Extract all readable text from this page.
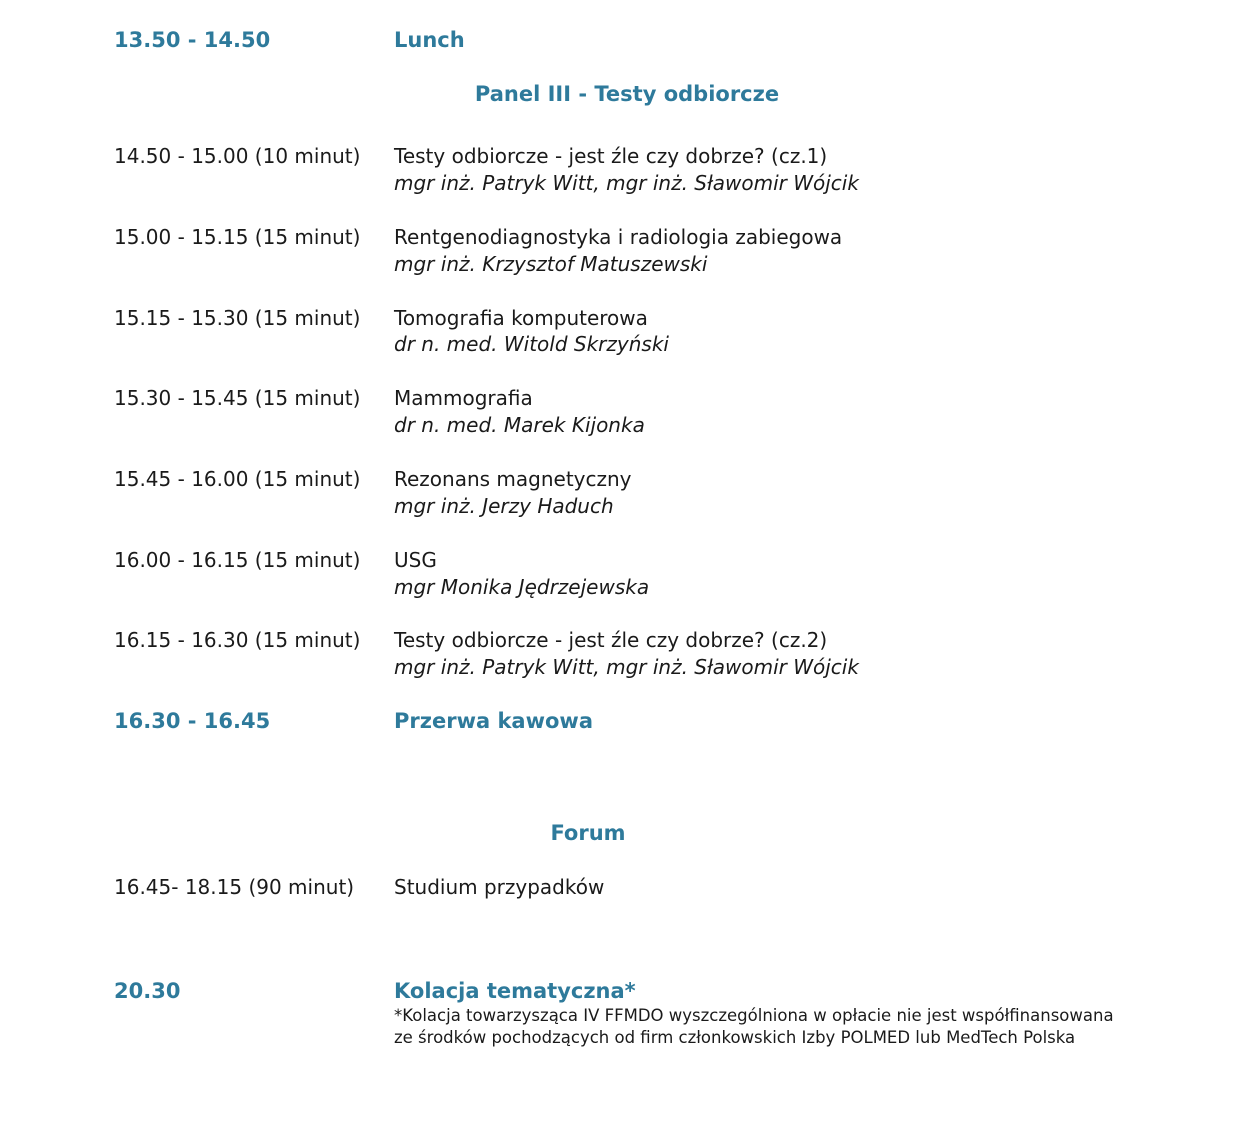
13.50 - 14.50	Lunch
Panel III - Testy odbiorcze
14.50 - 15.00 (10 minut) Testy odbiorcze - jest źle czy dobrze? (cz.1)
mgr inż. Patryk Witt, mgr inż. Sławomir Wójcik
15.00 - 15.15 (15 minut) Rentgenodiagnostyka i radiologia zabiegowa
mgr inż. Krzysztof Matuszewski
15.15 - 15.30 (15 minut) Tomografia komputerowa
dr n. med. Witold Skrzyński
15.30 - 15.45 (15 minut) Mammografia
dr n. med. Marek Kijonka
15.45 - 16.00 (15 minut) Rezonans magnetyczny
mgr inż. Jerzy Haduch
16.00 - 16.15 (15 minut) USG
mgr Monika Jędrzejewska
16.15 - 16.30 (15 minut) Testy odbiorcze - jest źle czy dobrze? (cz.2)
mgr inż. Patryk Witt, mgr inż. Sławomir Wójcik
16.30 - 16.45	Przerwa kawowa
Forum
16.45- 18.15 (90 minut) Studium przypadków
20.30	Kolacja tematyczna*
*Kolacja towarzysząca IV FFMDO wyszczególniona w opłacie nie jest współfinansowana ze środków pochodzących od firm członkowskich Izby POLMED lub MedTech Polska
